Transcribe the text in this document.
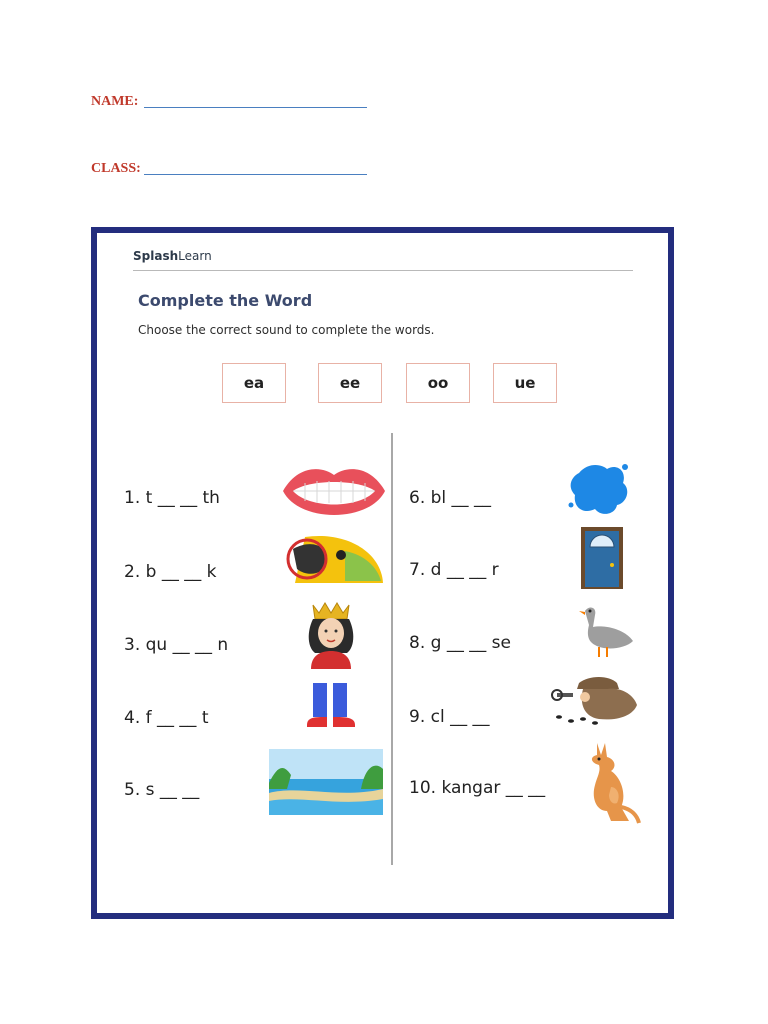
NAME:
CLASS:
SplashLearn
Complete the Word
Choose the correct sound to complete the words.
ea	ee	oo	ue
1. t __ __ th
2. b __ __ k
3. qu __ __ n
4. f __ __ t
5. s __ __
6. bl __ __
7. d __ __ r
8. g __ __ se
9. cl __ __
10. kangar __ __
